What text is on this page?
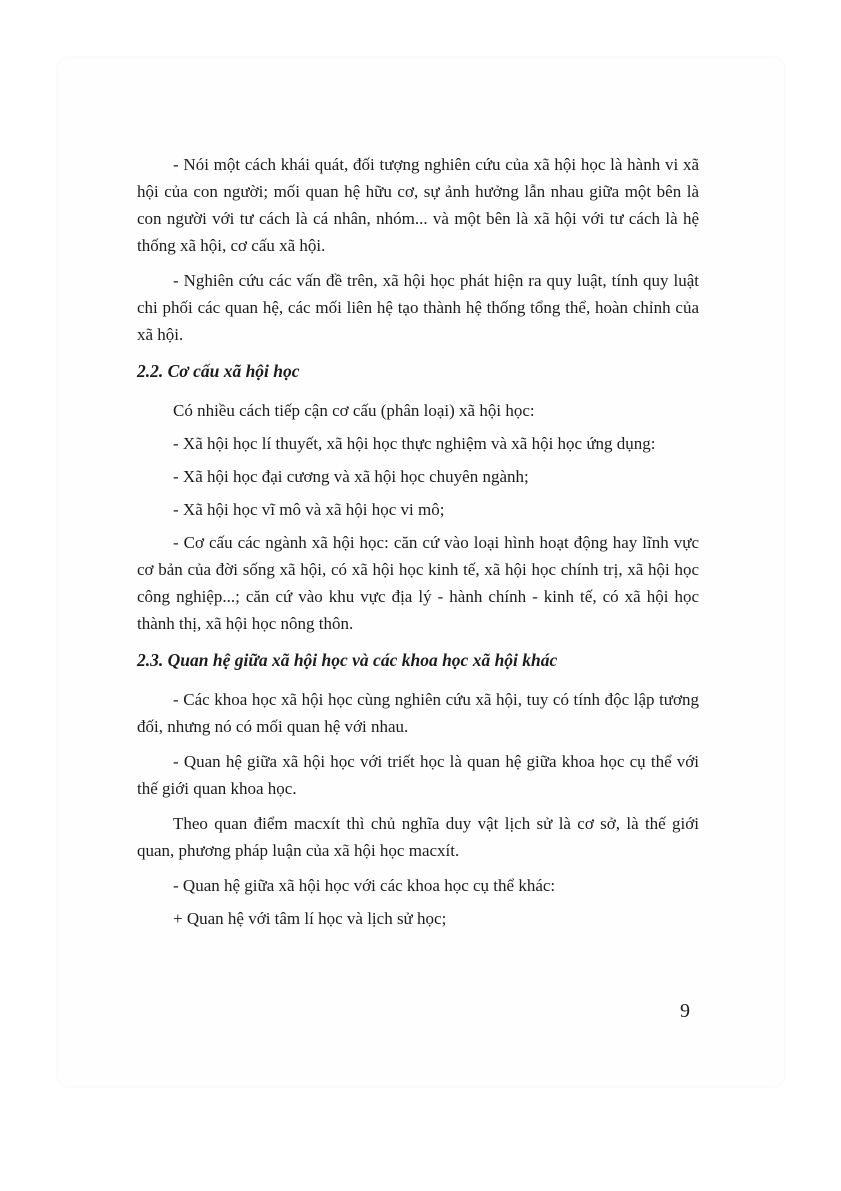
- Nói một cách khái quát, đối tượng nghiên cứu của xã hội học là hành vi xã hội của con người; mối quan hệ hữu cơ, sự ảnh hưởng lẫn nhau giữa một bên là con người với tư cách là cá nhân, nhóm... và một bên là xã hội với tư cách là hệ thống xã hội, cơ cấu xã hội.

- Nghiên cứu các vấn đề trên, xã hội học phát hiện ra quy luật, tính quy luật chi phối các quan hệ, các mối liên hệ tạo thành hệ thống tổng thể, hoàn chỉnh của xã hội.

2.2. Cơ cấu xã hội học

Có nhiều cách tiếp cận cơ cấu (phân loại) xã hội học:

- Xã hội học lí thuyết, xã hội học thực nghiệm và xã hội học ứng dụng:

- Xã hội học đại cương và xã hội học chuyên ngành;

- Xã hội học vĩ mô và xã hội học vi mô;

- Cơ cấu các ngành xã hội học: căn cứ vào loại hình hoạt động hay lĩnh vực cơ bản của đời sống xã hội, có xã hội học kinh tế, xã hội học chính trị, xã hội học công nghiệp...; căn cứ vào khu vực địa lý - hành chính - kinh tế, có xã hội học thành thị, xã hội học nông thôn.

2.3. Quan hệ giữa xã hội học và các khoa học xã hội khác

- Các khoa học xã hội học cùng nghiên cứu xã hội, tuy có tính độc lập tương đối, nhưng nó có mối quan hệ với nhau.

- Quan hệ giữa xã hội học với triết học là quan hệ giữa khoa học cụ thể với thế giới quan khoa học.

Theo quan điểm macxít thì chủ nghĩa duy vật lịch sử là cơ sở, là thế giới quan, phương pháp luận của xã hội học macxít.

- Quan hệ giữa xã hội học với các khoa học cụ thể khác:

+ Quan hệ với tâm lí học và lịch sử học;

9
